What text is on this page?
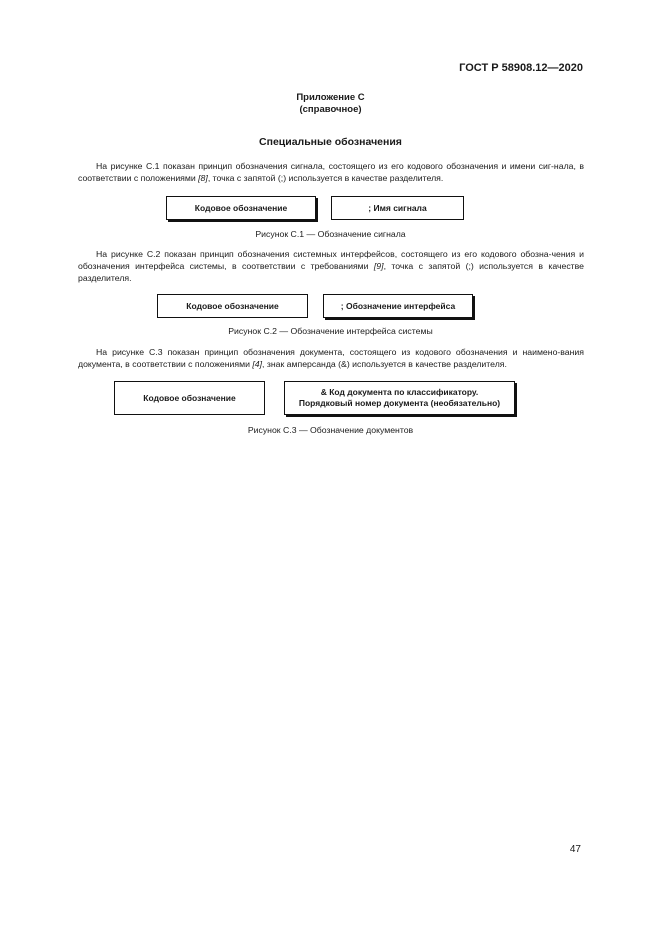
ГОСТ Р 58908.12—2020
Приложение С
(справочное)
Специальные обозначения

На рисунке С.1 показан принцип обозначения сигнала, состоящего из его кодового обозначения и имени сиг-нала, в соответствии с положениями [8], точка с запятой (;) используется в качестве разделителя.

Кодовое обозначение	; Имя сигнала
Рисунок С.1 — Обозначение сигнала

На рисунке С.2 показан принцип обозначения системных интерфейсов, состоящего из его кодового обозна-чения и обозначения интерфейса системы, в соответствии с требованиями [9], точка с запятой (;) используется в качестве разделителя.

Кодовое обозначение	; Обозначение интерфейса
Рисунок С.2 — Обозначение интерфейса системы

На рисунке С.3 показан принцип обозначения документа, состоящего из кодового обозначения и наимено-вания документа, в соответствии с положениями [4], знак амперсанда (&) используется в качестве разделителя.

Кодовое обозначение
& Код документа по классификатору.
Порядковый номер документа (необязательно)
Рисунок С.3 — Обозначение документов
47
